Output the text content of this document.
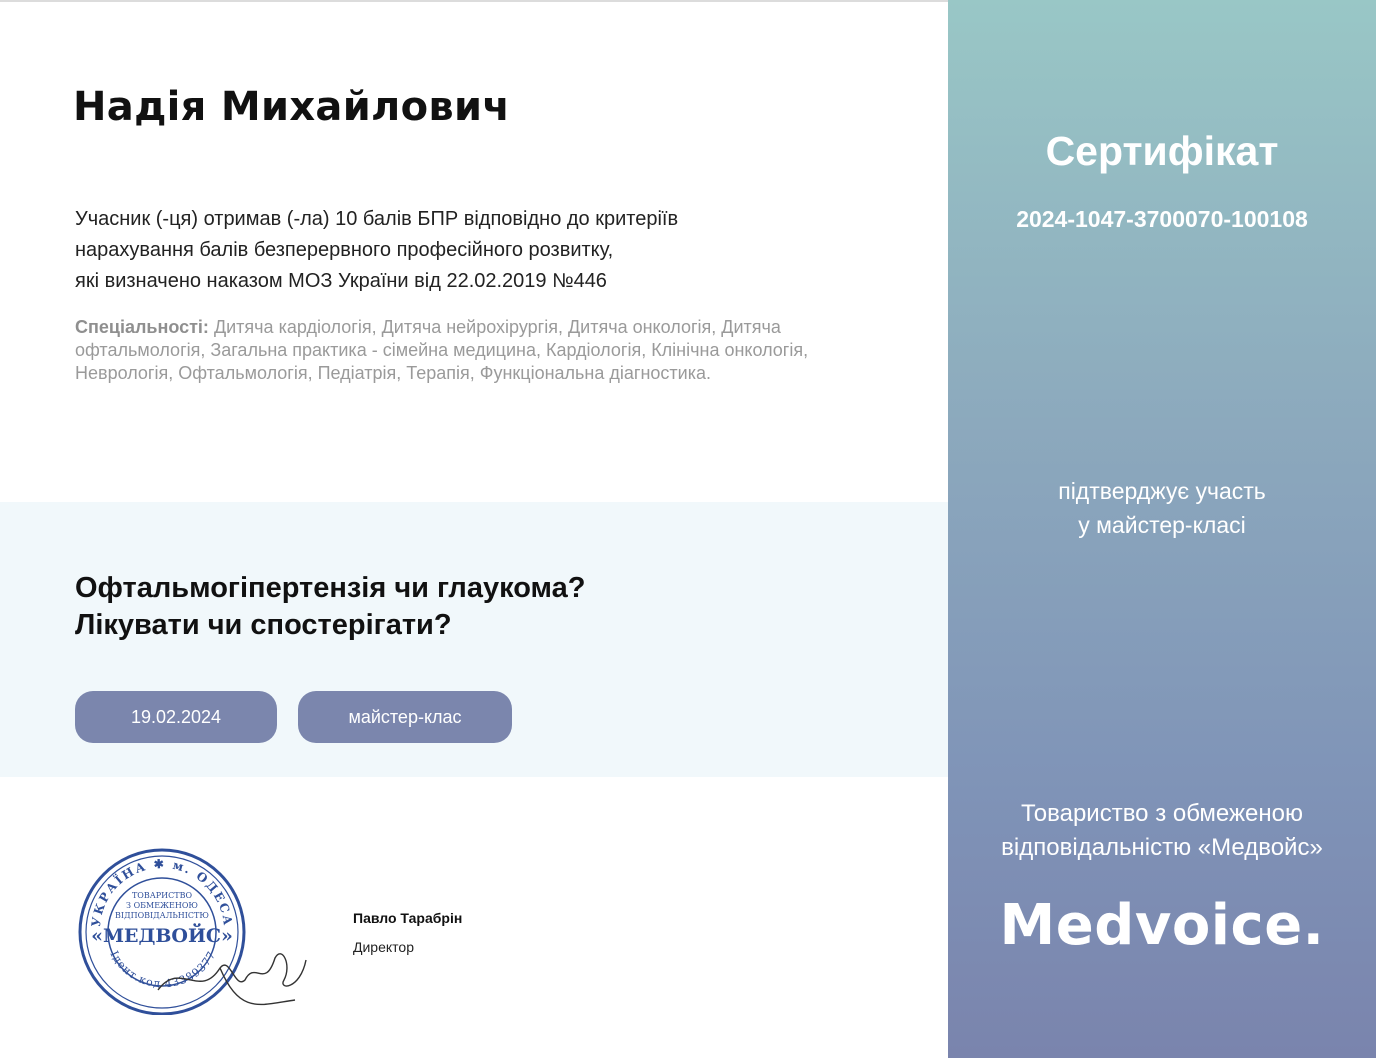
Надія Михайлович
Учасник (-ця) отримав (-ла) 10 балів БПР відповідно до критеріїв
нарахування балів безперервного професійного розвитку,
які визначено наказом МОЗ України від 22.02.2019 №446
Спеціальності: Дитяча кардіологія, Дитяча нейрохірургія, Дитяча онкологія, Дитяча офтальмологія, Загальна практика - сімейна медицина, Кардіологія, Клінічна онкологія, Неврологія, Офтальмологія, Педіатрія, Терапія, Функціональна діагностика.
Офтальмогіпертензія чи глаукома?
Лікувати чи спостерігати?
19.02.2024	майстер-клас
УКРАЇНА ✱ м. ОДЕСА
Ідент.код 43389377
ТОВАРИСТВО
З ОБМЕЖЕНОЮ
ВІДПОВІДАЛЬНІСТЮ
«МЕДВОЙС»
Павло Тарабрін
Директор
Сертифікат
2024-1047-3700070-100108
підтверджує участь
у майстер-класі
Товариство з обмеженою
відповідальністю «Медвойс»
Medvoice.
